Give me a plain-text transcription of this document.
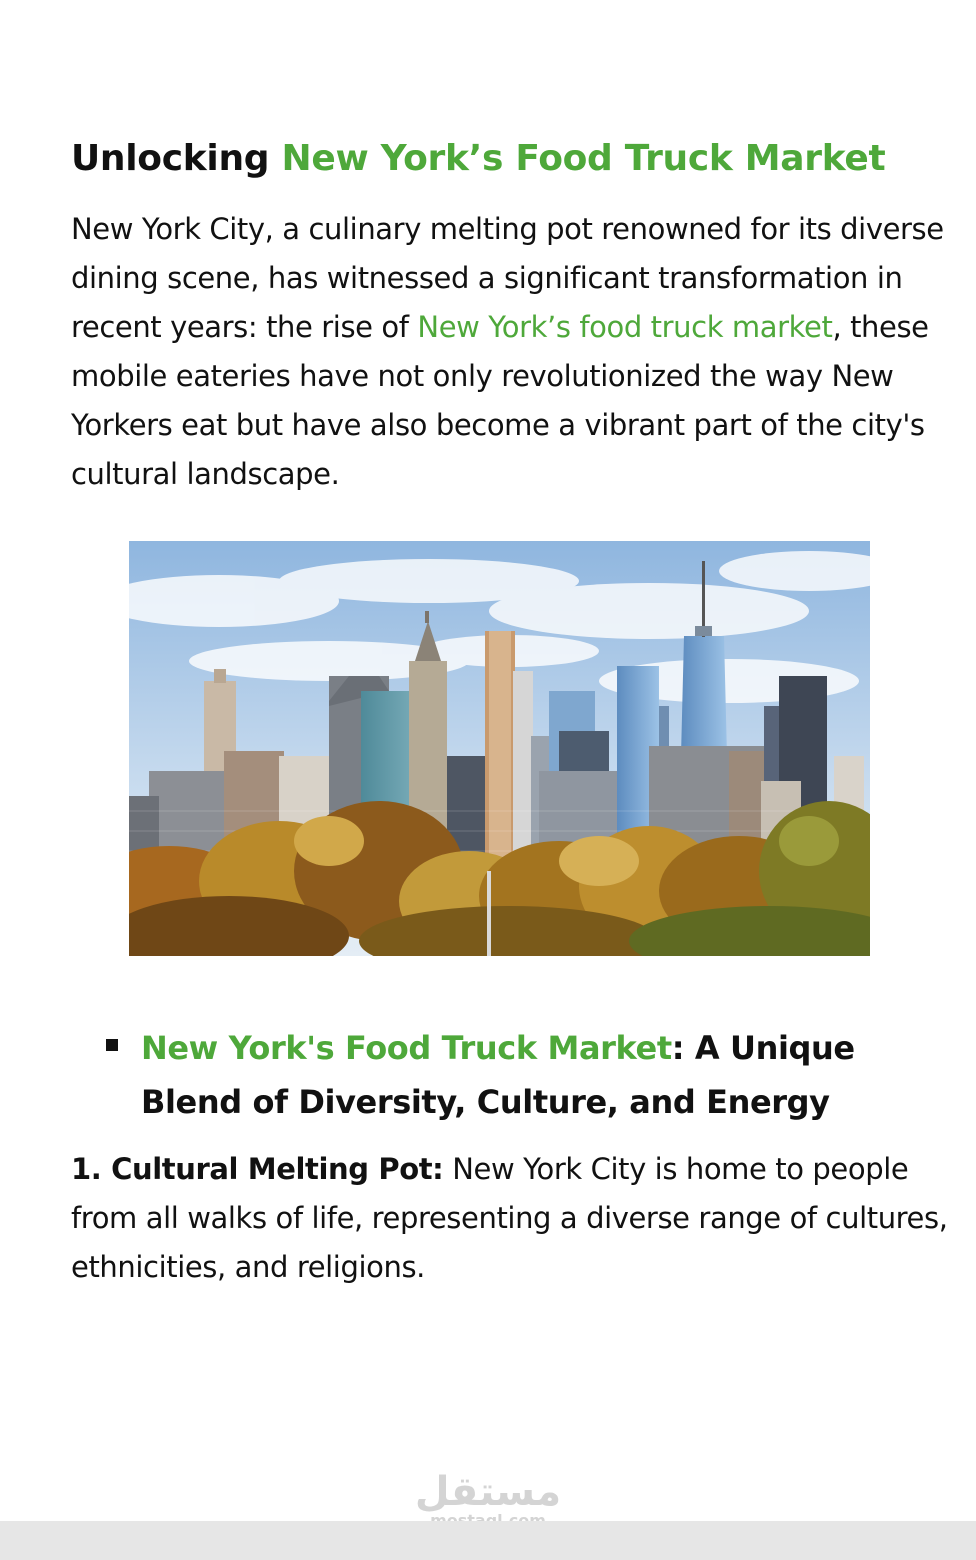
Unlocking New York’s Food Truck Market

New York City, a culinary melting pot renowned for its diverse dining scene, has witnessed a significant transformation in recent years: the rise of New York’s food truck market, these mobile eateries have not only revolutionized the way New Yorkers eat but have also become a vibrant part of the city's cultural landscape.

New York's Food Truck Market: A Unique Blend of Diversity, Culture, and Energy

1. Cultural Melting Pot: New York City is home to people from all walks of life, representing a diverse range of cultures, ethnicities, and religions.

مستقل
